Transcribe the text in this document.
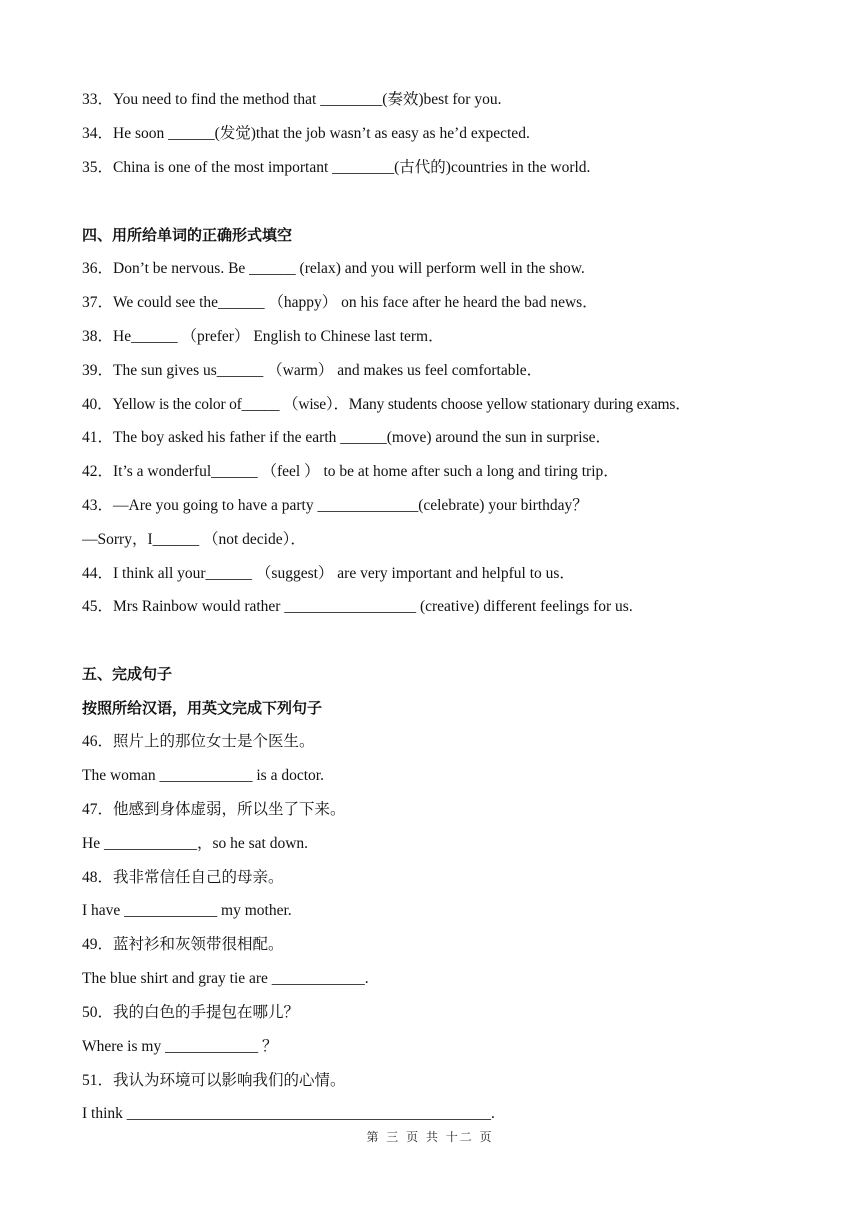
33．You need to find the method that ________(奏效)best for you.
34．He soon ______(发觉)that the job wasn’t as easy as he’d expected.
35．China is one of the most important ________(古代的)countries in the world.
四、用所给单词的正确形式填空
36．Don’t be nervous. Be ______ (relax) and you will perform well in the show.
37．We could see the______ （happy） on his face after he heard the bad news．
38．He______ （prefer） English to Chinese last term．
39．The sun gives us______ （warm） and makes us feel comfortable．
40．Yellow is the color of_____ （wise）．Many students choose yellow stationary during exams．
41．The boy asked his father if the earth ______(move) around the sun in surprise．
42．It’s a wonderful______ （feel ） to be at home after such a long and tiring trip．
43．—Are you going to have a party _____________(celebrate) your birthday？
—Sorry，I______ （not decide）．
44．I think all your______ （suggest） are very important and helpful to us．
45．Mrs Rainbow would rather _________________ (creative) different feelings for us.
五、完成句子
按照所给汉语，用英文完成下列句子
46．照片上的那位女士是个医生。
The woman ____________ is a doctor.
47．他感到身体虚弱，所以坐了下来。
He ____________，so he sat down.
48．我非常信任自己的母亲。
I have ____________ my mother.
49．蓝衬衫和灰领带很相配。
The blue shirt and gray tie are ____________.
50．我的白色的手提包在哪儿？
Where is my ____________ ？
51．我认为环境可以影响我们的心情。
I think _______________________________________________.
第 三 页 共 十二 页
